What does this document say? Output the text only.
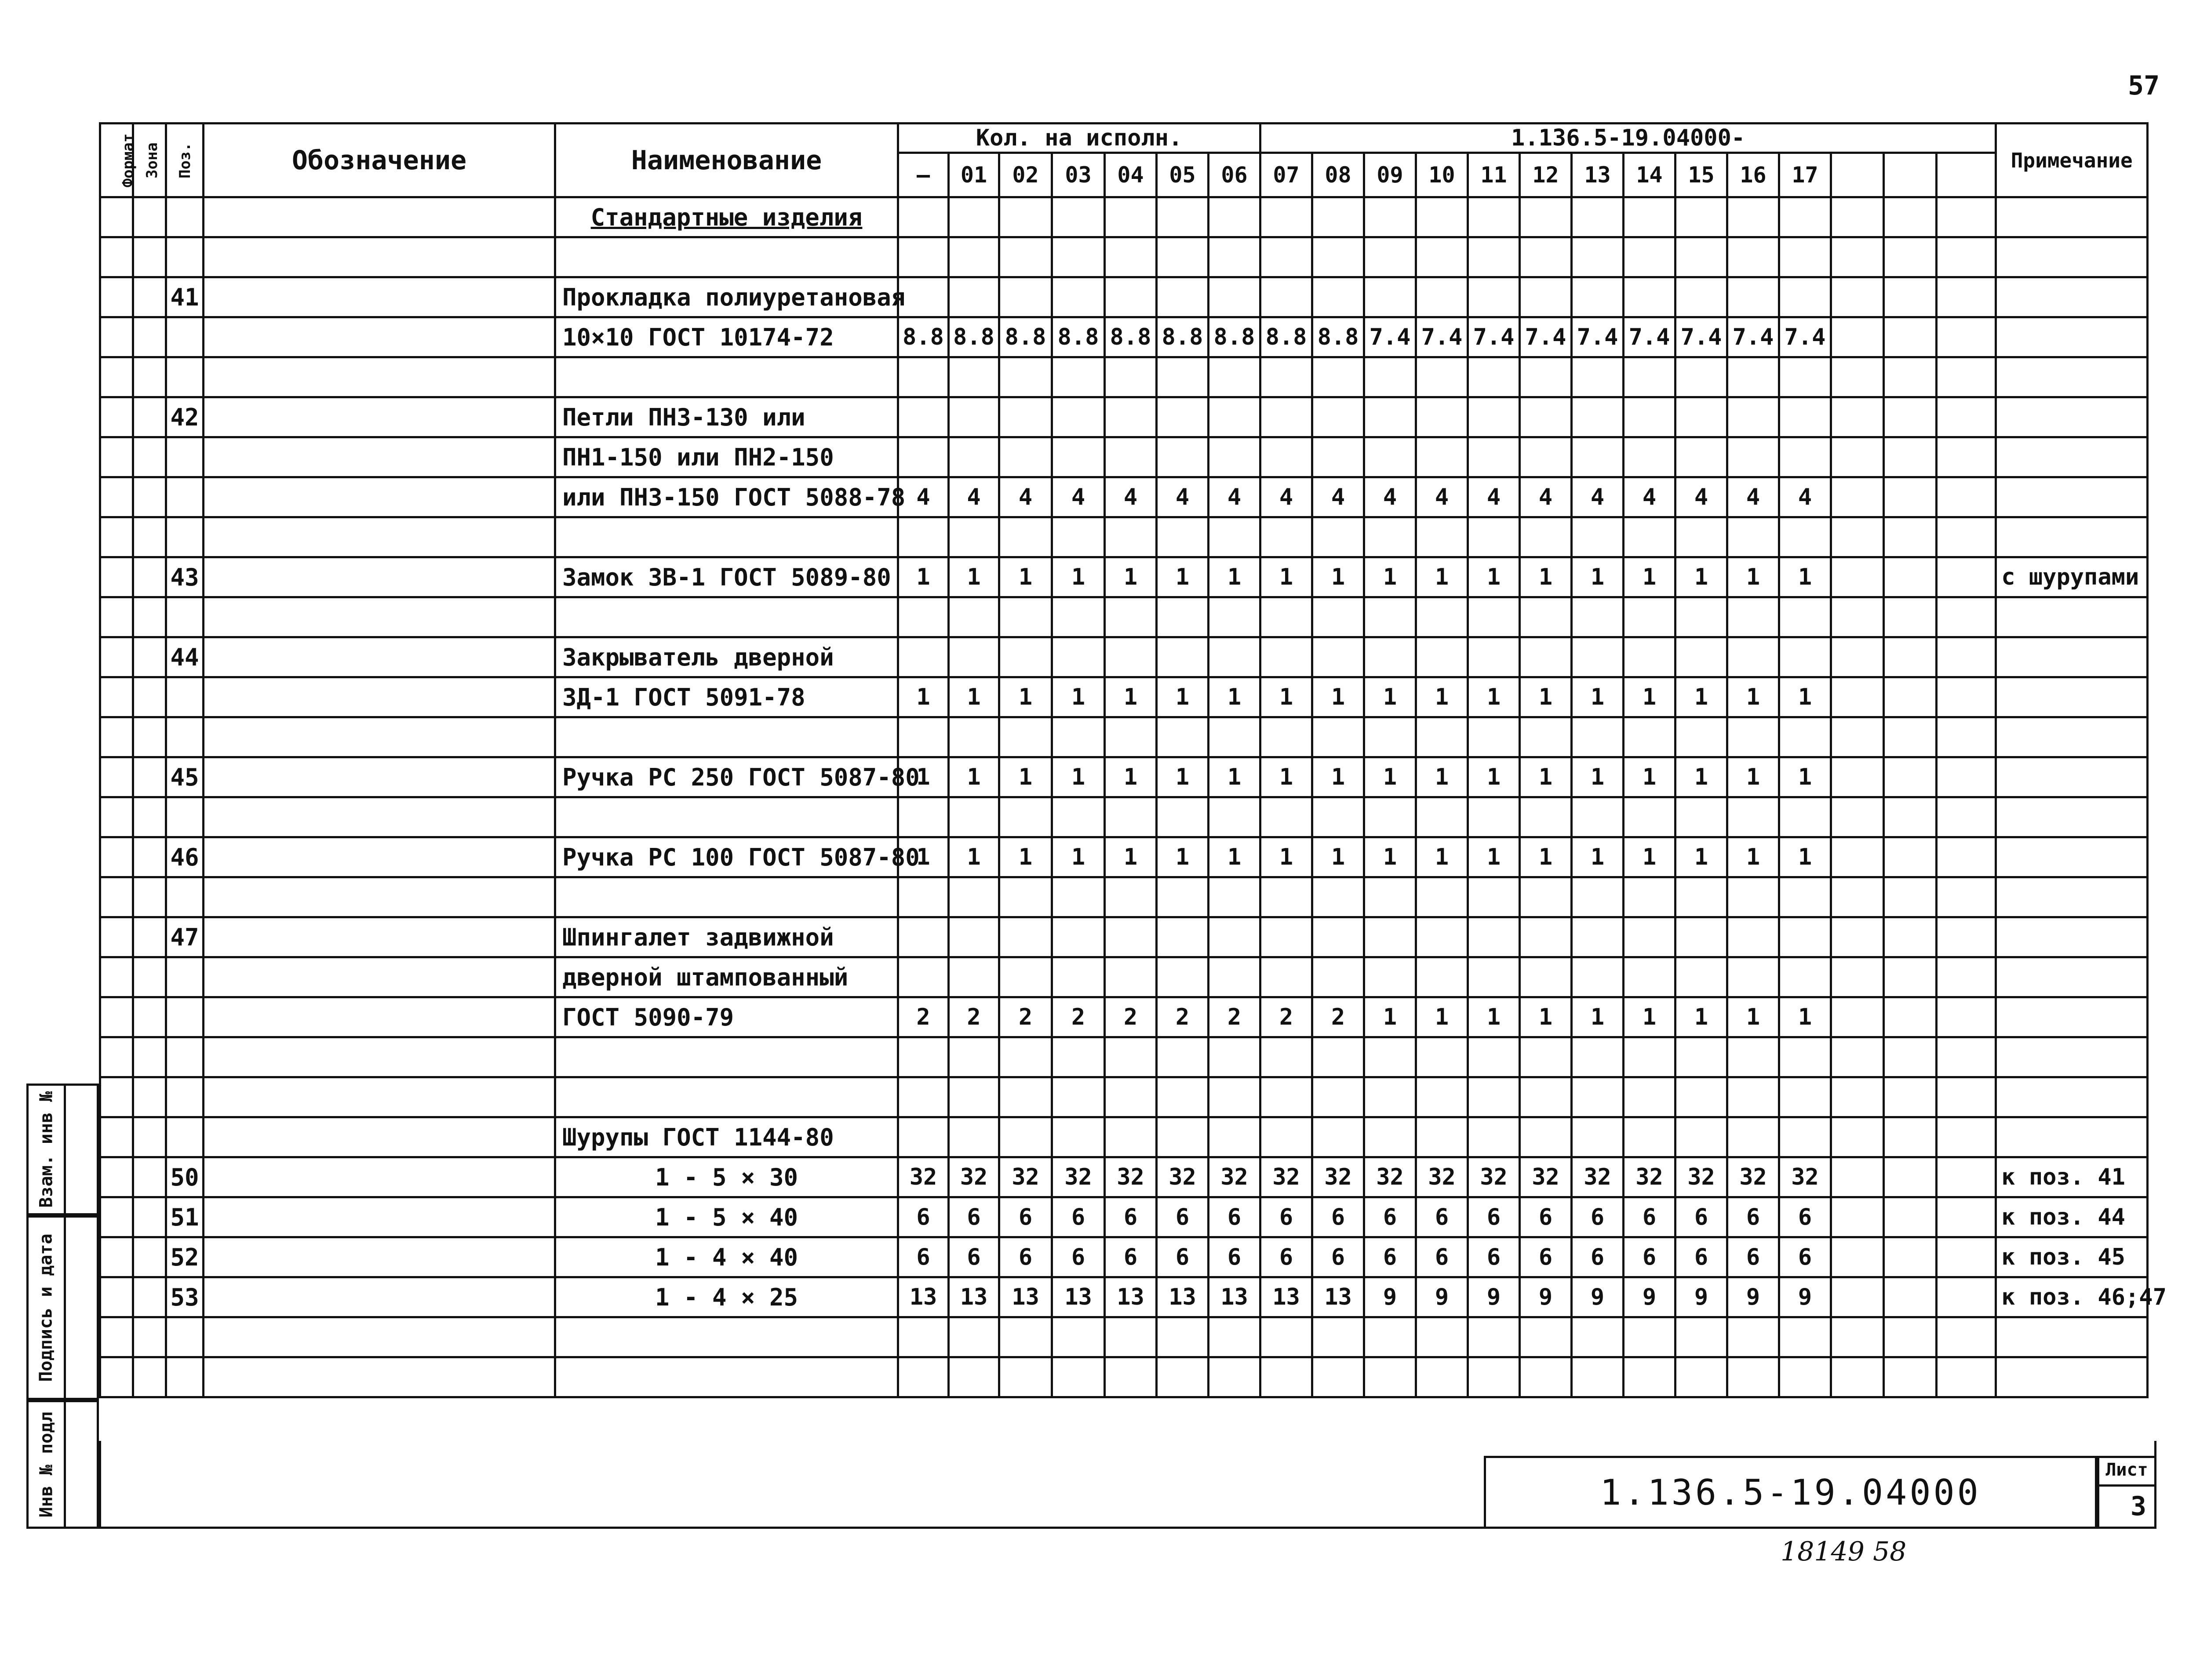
57
Формат	Зона	Поз.	Обозначение	Наименование	Кол. на исполн.							1.136.5-19.04000-														Примечание
					—	01	02	03	04	05	06	07	08	09	10	11	12	13	14	15	16	17				
				Стандартные изделия																						

		41		Прокладка полиуретановая																						
				10×10 ГОСТ 10174-72	8.8	8.8	8.8	8.8	8.8	8.8	8.8	8.8	8.8	7.4	7.4	7.4	7.4	7.4	7.4	7.4	7.4	7.4				

		42		Петли ПН3-130 или																						
				ПН1-150 или ПН2-150																						
				или ПН3-150 ГОСТ 5088-78	4	4	4	4	4	4	4	4	4	4	4	4	4	4	4	4	4	4				

		43		Замок ЗВ-1 ГОСТ 5089-80	1	1	1	1	1	1	1	1	1	1	1	1	1	1	1	1	1	1				с шурупами

		44		Закрыватель дверной																						
				ЗД-1 ГОСТ 5091-78	1	1	1	1	1	1	1	1	1	1	1	1	1	1	1	1	1	1				

		45		Ручка РС 250 ГОСТ 5087-80	1	1	1	1	1	1	1	1	1	1	1	1	1	1	1	1	1	1				

		46		Ручка РС 100 ГОСТ 5087-80	1	1	1	1	1	1	1	1	1	1	1	1	1	1	1	1	1	1				

		47		Шпингалет задвижной																						
				дверной штампованный																						
				ГОСТ 5090-79	2	2	2	2	2	2	2	2	2	1	1	1	1	1	1	1	1	1				

				Шурупы ГОСТ 1144-80																						
		50		1 - 5 × 30	32	32	32	32	32	32	32	32	32	32	32	32	32	32	32	32	32	32				к поз. 41
		51		1 - 5 × 40	6	6	6	6	6	6	6	6	6	6	6	6	6	6	6	6	6	6				к поз. 44
		52		1 - 4 × 40	6	6	6	6	6	6	6	6	6	6	6	6	6	6	6	6	6	6				к поз. 45
		53		1 - 4 × 25	13	13	13	13	13	13	13	13	13	9	9	9	9	9	9	9	9	9				к поз. 46;47

1.136.5-19.04000
Лист
3
Взам. инв №
Подпись и дата
Инв № подл
18149 58
